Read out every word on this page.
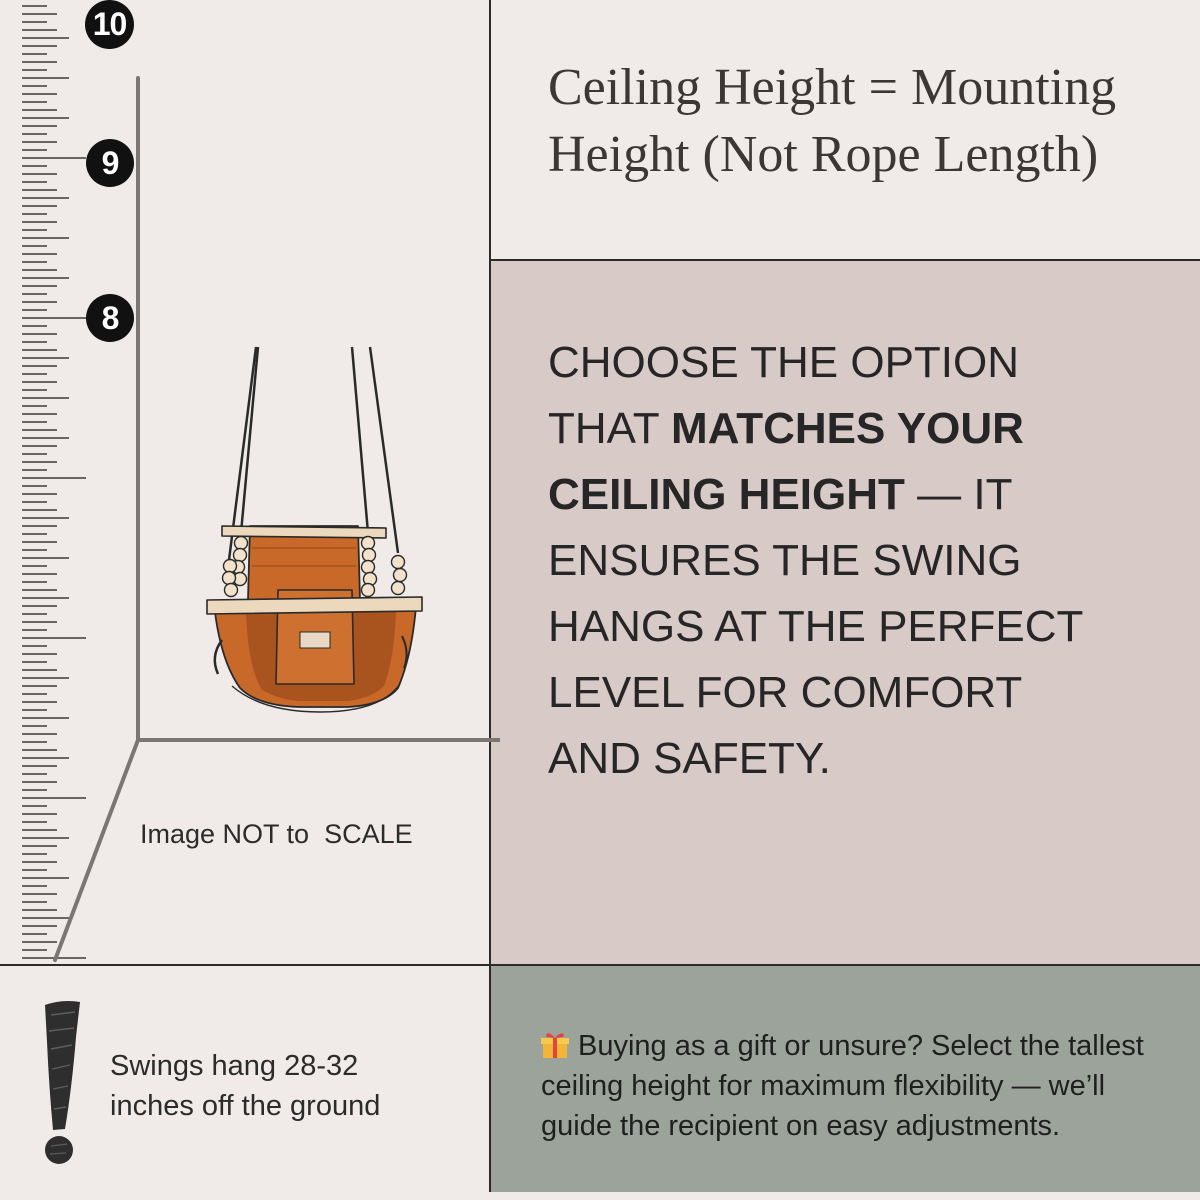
10
9
8
Image NOT to  SCALE
Ceiling Height = Mounting
Height (Not Rope Length)
CHOOSE THE OPTION
THAT MATCHES YOUR
CEILING HEIGHT — IT
ENSURES THE SWING
HANGS AT THE PERFECT
LEVEL FOR COMFORT
AND SAFETY.
Swings hang 28-32
inches off the ground
Buying as a gift or unsure? Select the tallest
ceiling height for maximum flexibility — we’ll
guide the recipient on easy adjustments.
